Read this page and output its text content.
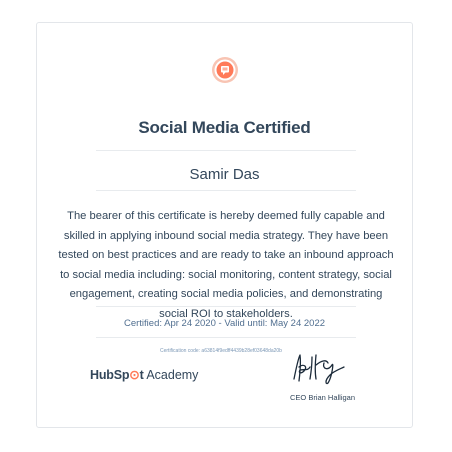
Social Media Certified
Samir Das
The bearer of this certificate is hereby deemed fully capable and skilled in applying inbound social media strategy. They have been tested on best practices and are ready to take an inbound approach to social media including: social monitoring, content strategy, social engagement, creating social media policies, and demonstrating social ROI to stakeholders.
Certified: Apr 24 2020 - Valid until: May 24 2022
Certification code: a63814f9edff4439b28ef03648da20b
HubSp⊙t Academy
CEO Brian Halligan
